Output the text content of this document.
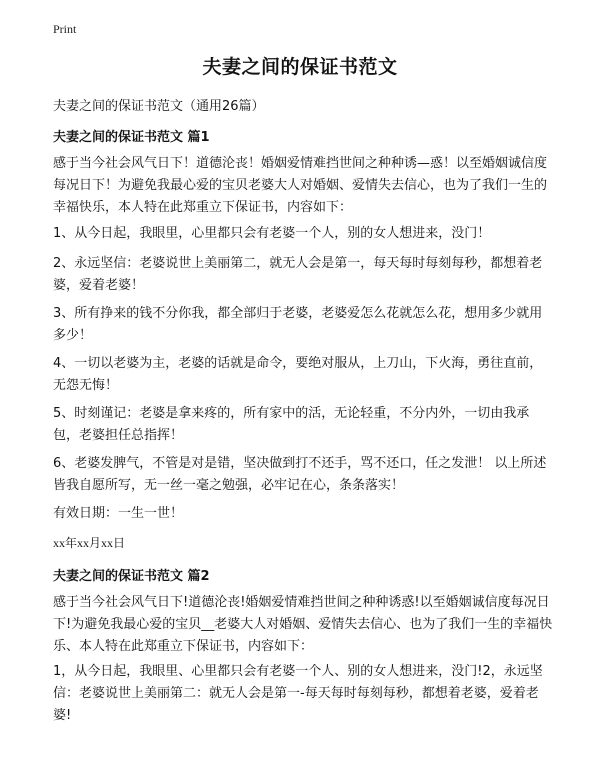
Print
夫妻之间的保证书范文
夫妻之间的保证书范文（通用26篇）
夫妻之间的保证书范文 篇1
感于当今社会风气日下！道德沦丧！婚姻爱情难挡世间之种种诱—惑！以至婚姻诚信度每况日下！为避免我最心爱的宝贝老婆大人对婚姻、爱情失去信心，也为了我们一生的幸福快乐，本人特在此郑重立下保证书，内容如下：
1、从今日起，我眼里，心里都只会有老婆一个人，别的女人想进来，没门！
2、永远坚信：老婆说世上美丽第二，就无人会是第一，每天每时每刻每秒，都想着老婆，爱着老婆！
3、所有挣来的钱不分你我，都全部归于老婆，老婆爱怎么花就怎么花，想用多少就用多少！
4、一切以老婆为主，老婆的话就是命令，要绝对服从，上刀山，下火海，勇往直前，无怨无悔！
5、时刻谨记：老婆是拿来疼的，所有家中的活，无论轻重，不分内外，一切由我承包，老婆担任总指挥！
6、老婆发脾气，不管是对是错，坚决做到打不还手，骂不还口，任之发泄！ 以上所述皆我自愿所写，无一丝一毫之勉强，必牢记在心，条条落实！
有效日期：一生一世！
xx年xx月xx日
夫妻之间的保证书范文 篇2
感于当今社会风气日下!道德沦丧!婚姻爱情难挡世间之种种诱惑!以至婚姻诚信度每况日下!为避免我最心爱的宝贝__老婆大人对婚姻、爱情失去信心、也为了我们一生的幸福快乐、本人特在此郑重立下保证书，内容如下：
1，从今日起，我眼里、心里都只会有老婆一个人、别的女人想进来，没门!2，永远坚信：老婆说世上美丽第二：就无人会是第一-每天每时每刻每秒，都想着老婆，爱着老婆!
